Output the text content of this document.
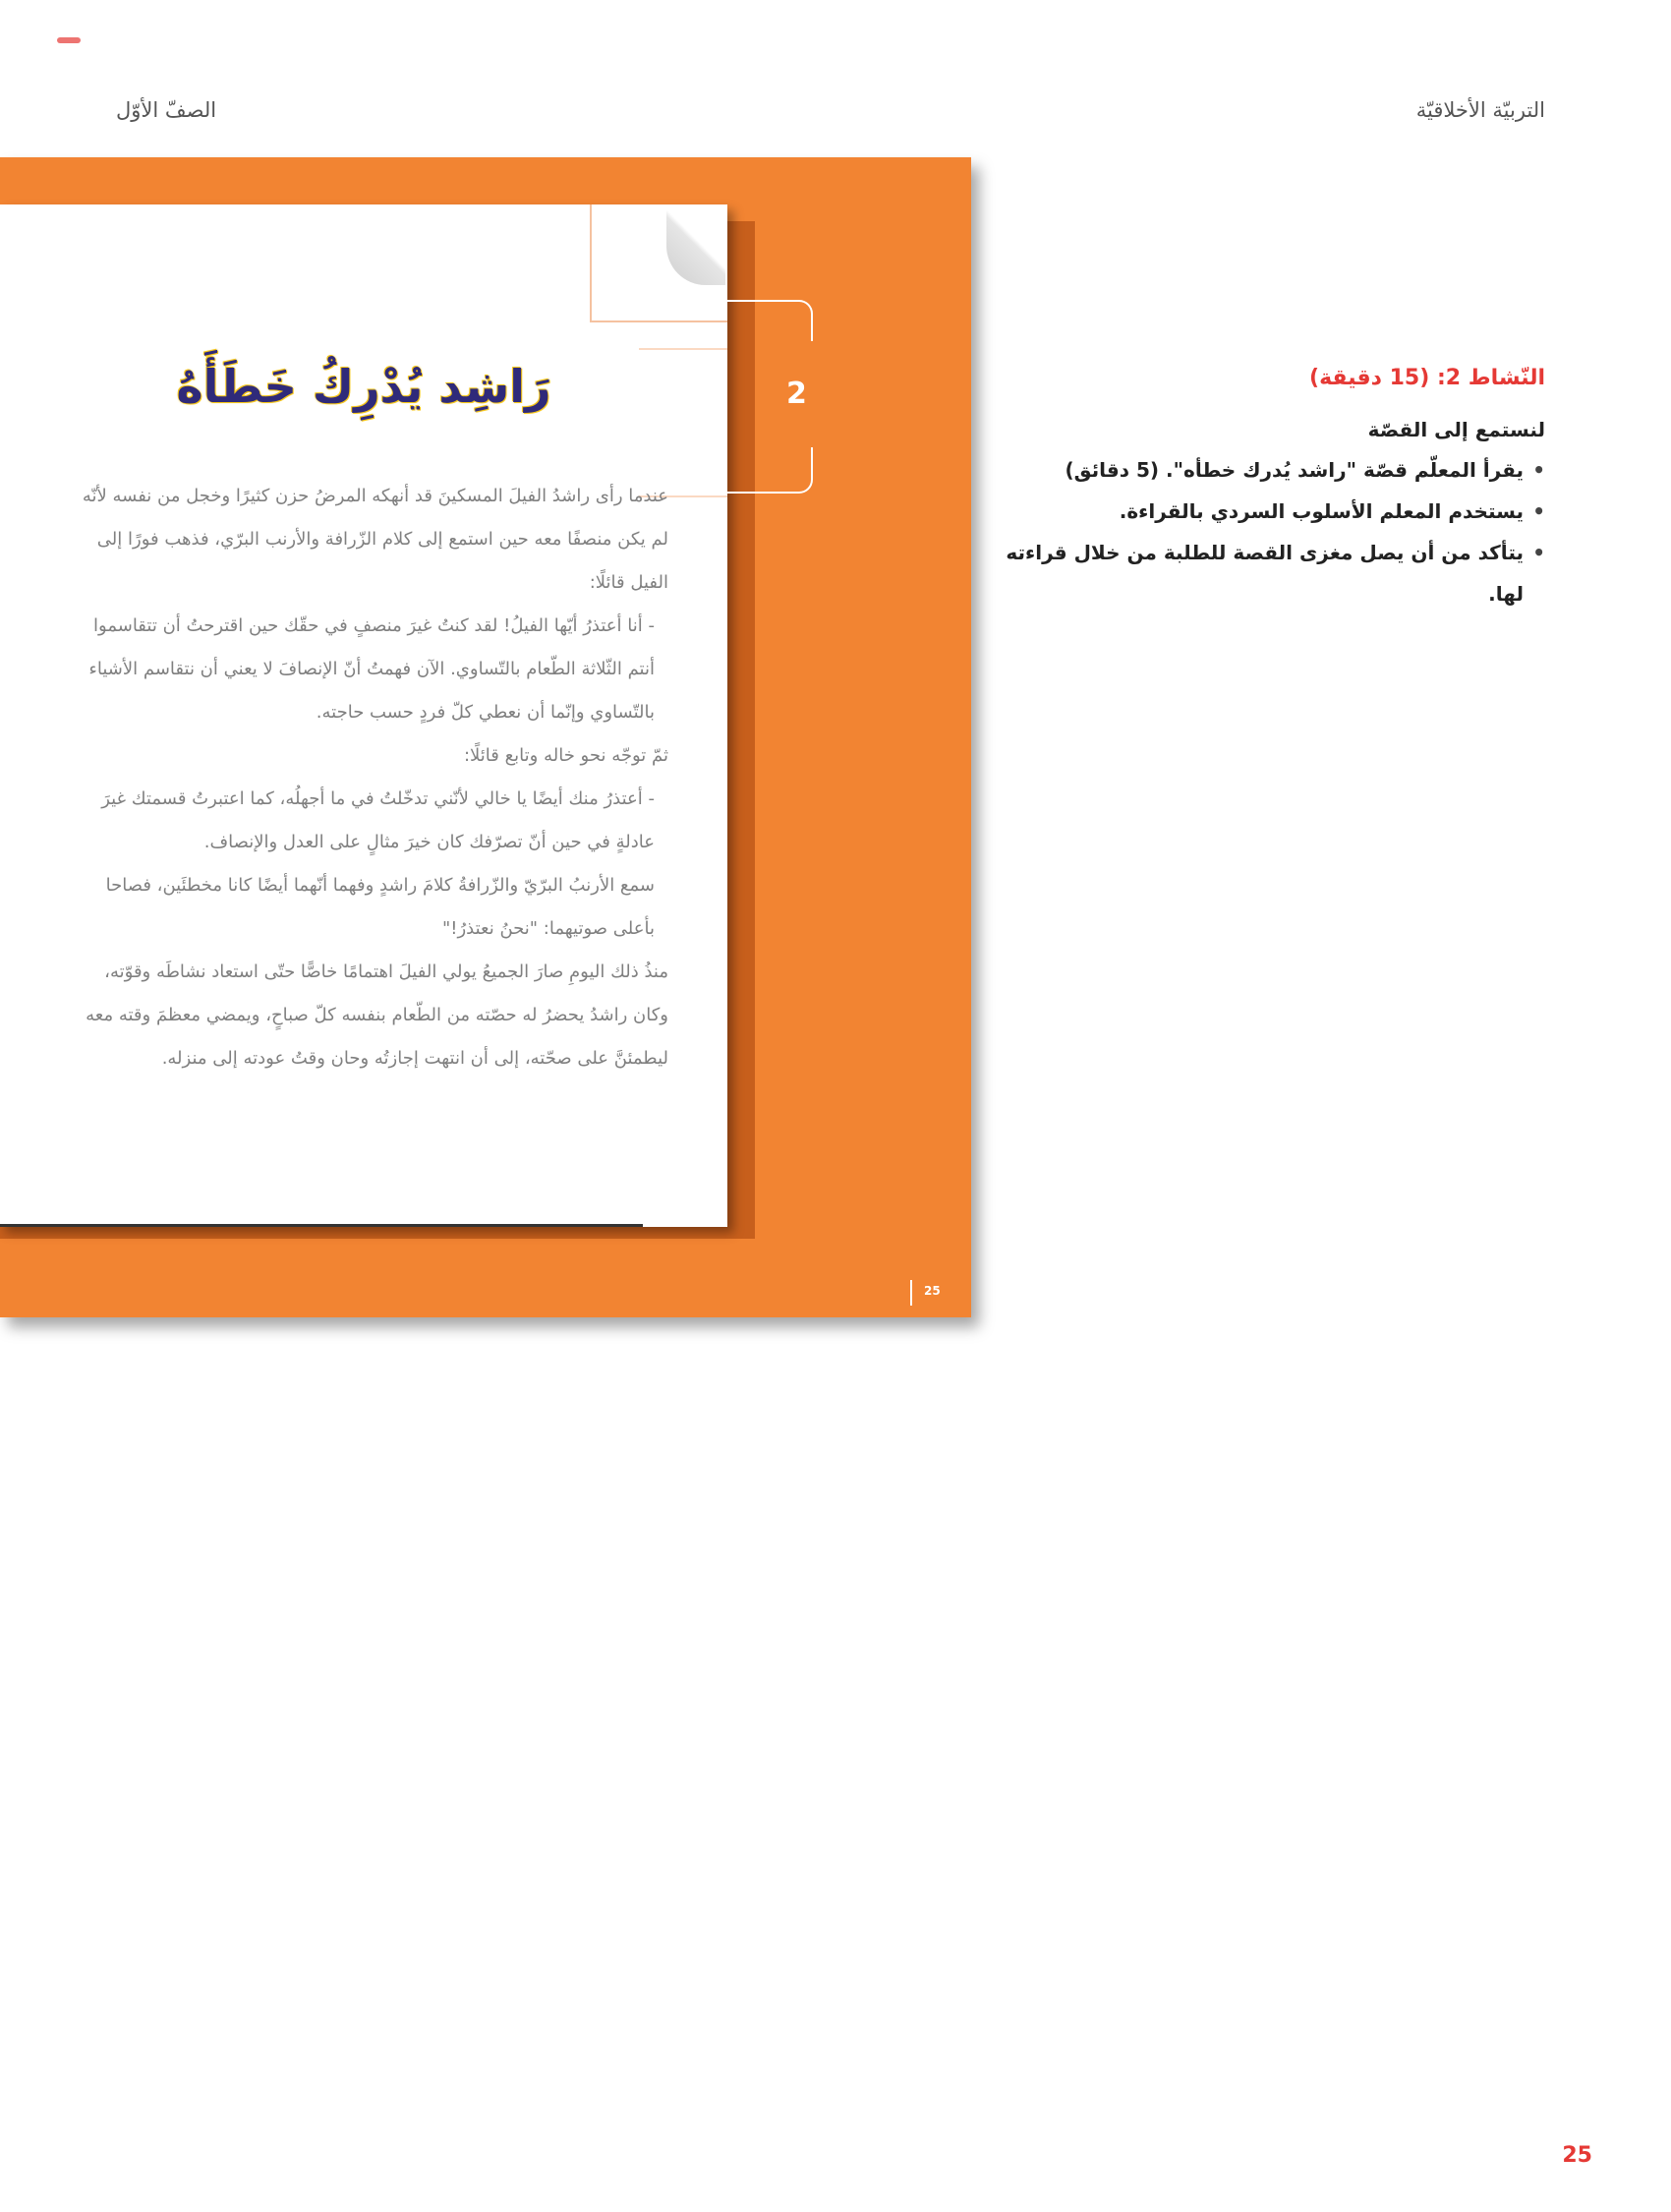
التربيّة الأخلاقيّة
الصفّ الأوّل
رَاشِد يُدْرِكُ خَطَأَهُ

عندما رأى راشدُ الفيلَ المسكينَ قد أنهكه المرضُ حزن كثيرًا وخجل من نفسه لأنّه لم يكن منصفًا معه حين استمع إلى كلام الزّرافة والأرنب البرّي، فذهب فورًا إلى الفيل قائلًا:

- أنا أعتذرُ أيّها الفيلُ! لقد كنتُ غيرَ منصفٍ في حقّك حين اقترحتُ أن تتقاسموا أنتم الثّلاثة الطّعام بالتّساوي. الآن فهمتُ أنّ الإنصافَ لا يعني أن نتقاسم الأشياء بالتّساوي وإنّما أن نعطي كلّ فردٍ حسب حاجته.

ثمّ توجّه نحو خاله وتابع قائلًا:

- أعتذرُ منك أيضًا يا خالي لأنّني تدخّلتُ في ما أجهلُه، كما اعتبرتُ قسمتك غيرَ عادلةٍ في حين أنّ تصرّفك كان خيرَ مثالٍ على العدل والإنصاف.

سمع الأرنبُ البرّيّ والزّرافةُ كلامَ راشدٍ وفهما أنّهما أيضًا كانا مخطئَين، فصاحا بأعلى صوتيهما: "نحنُ نعتذرُ!"

منذُ ذلك اليومِ صارَ الجميعُ يولي الفيلَ اهتمامًا خاصًّا حتّى استعاد نشاطَه وقوّته، وكان راشدُ يحضرُ له حصّته من الطّعام بنفسه كلّ صباحٍ، ويمضي معظمَ وقته معه ليطمئنَّ على صحّته، إلى أن انتهت إجازتُه وحان وقتُ عودته إلى منزله.

25
2	النّشاط 2: (15 دقيقة)
لنستمع إلى القصّة
• يقرأ المعلّم قصّة "راشد يُدرك خطأه". (5 دقائق)
• يستخدم المعلم الأسلوب السردي بالقراءة.
• يتأكد من أن يصل مغزى القصة للطلبة من خلال قراءته لها.
25
